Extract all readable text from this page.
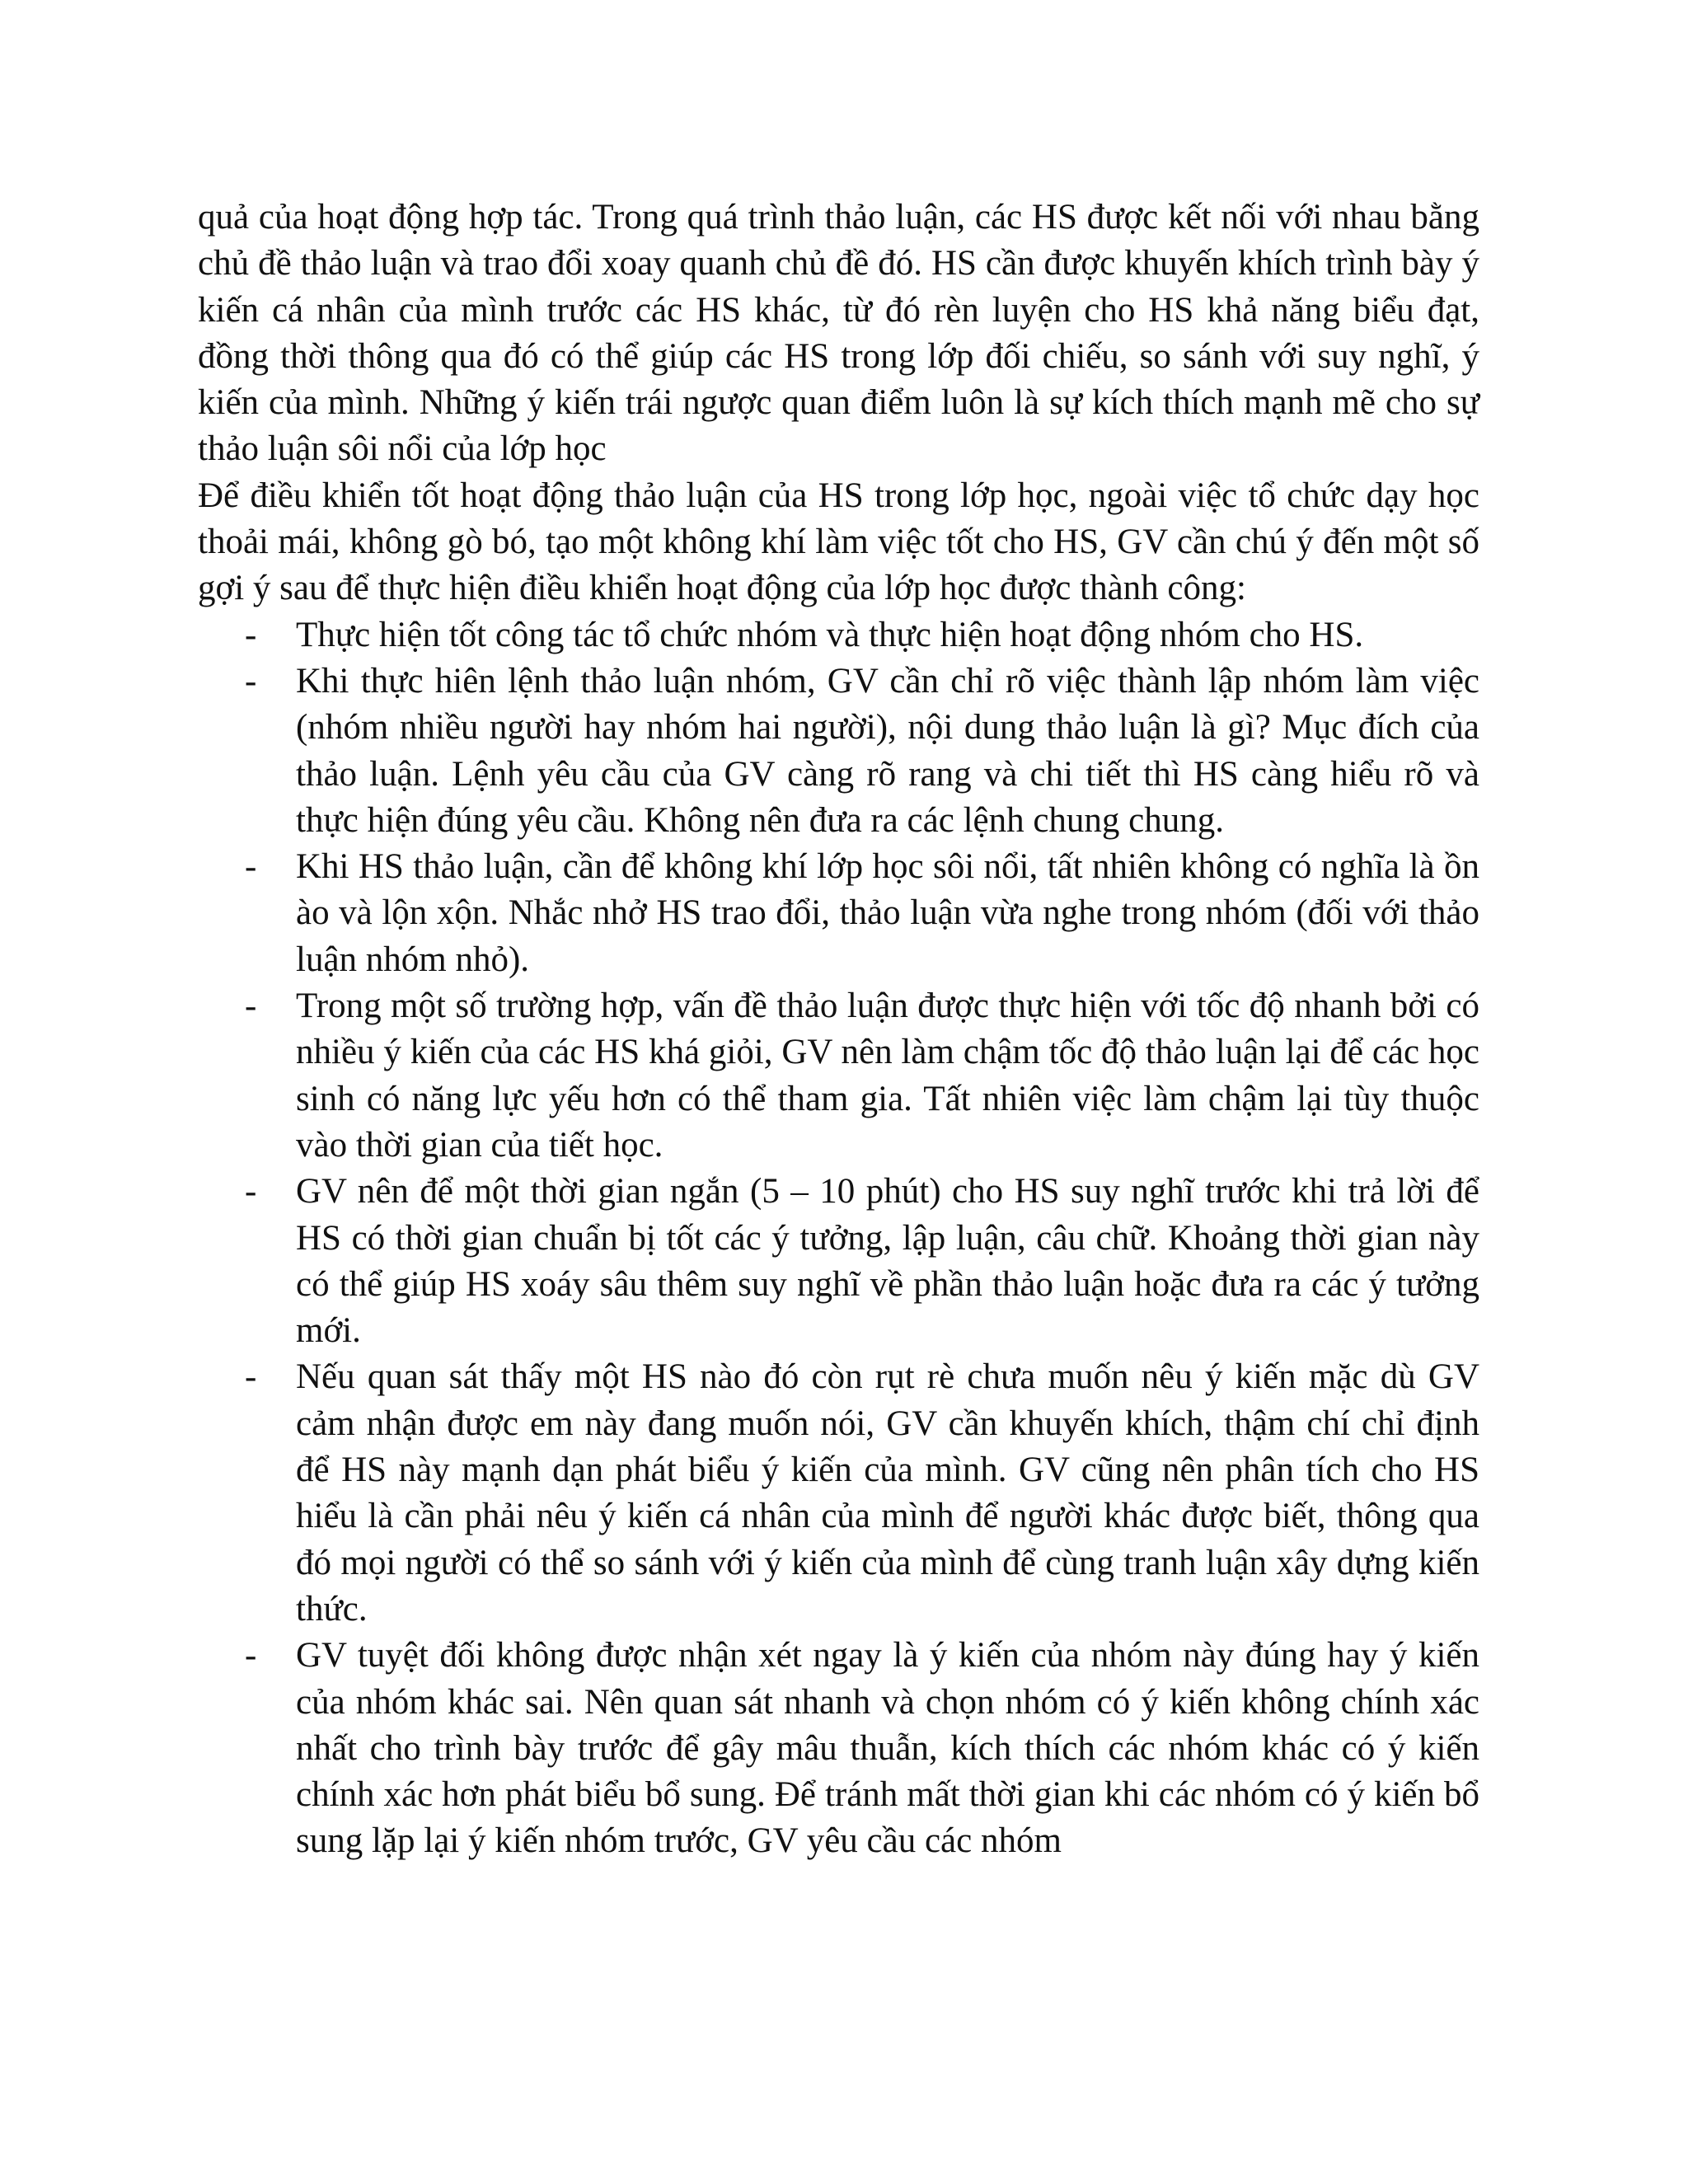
quả của hoạt động hợp tác. Trong quá trình thảo luận, các HS được kết nối với nhau bằng chủ đề thảo luận và trao đổi xoay quanh chủ đề đó. HS cần được khuyến khích trình bày ý kiến cá nhân của mình trước các HS khác, từ đó rèn luyện cho HS khả năng biểu đạt, đồng thời thông qua đó có thể giúp các HS trong lớp đối chiếu, so sánh với suy nghĩ, ý kiến của mình. Những ý kiến trái ngược quan điểm luôn là sự kích thích mạnh mẽ cho sự thảo luận sôi nổi của lớp học

Để điều khiển tốt hoạt động thảo luận của HS trong lớp học, ngoài việc tổ chức dạy học thoải mái, không gò bó, tạo một không khí làm việc tốt cho HS, GV cần chú ý đến một số gợi ý sau để thực hiện điều khiển hoạt động của lớp học được thành công:

- Thực hiện tốt công tác tổ chức nhóm và thực hiện hoạt động nhóm cho HS.
- Khi thực hiên lệnh thảo luận nhóm, GV cần chỉ rõ việc thành lập nhóm làm việc (nhóm nhiều người hay nhóm hai người), nội dung thảo luận là gì? Mục đích của thảo luận. Lệnh yêu cầu của GV càng rõ rang và chi tiết thì HS càng hiểu rõ và thực hiện đúng yêu cầu. Không nên đưa ra các lệnh chung chung.
- Khi HS thảo luận, cần để không khí lớp học sôi nổi, tất nhiên không có nghĩa là ồn ào và lộn xộn. Nhắc nhở HS trao đổi, thảo luận vừa nghe trong nhóm (đối với thảo luận nhóm nhỏ).
- Trong một số trường hợp, vấn đề thảo luận được thực hiện với tốc độ nhanh bởi có nhiều ý kiến của các HS khá giỏi, GV nên làm chậm tốc độ thảo luận lại để các học sinh có năng lực yếu hơn có thể tham gia. Tất nhiên việc làm chậm lại tùy thuộc vào thời gian của tiết học.
- GV nên để một thời gian ngắn (5 – 10 phút) cho HS suy nghĩ trước khi trả lời để HS có thời gian chuẩn bị tốt các ý tưởng, lập luận, câu chữ. Khoảng thời gian này có thể giúp HS xoáy sâu thêm suy nghĩ về phần thảo luận hoặc đưa ra các ý tưởng mới.
- Nếu quan sát thấy một HS nào đó còn rụt rè chưa muốn nêu ý kiến mặc dù GV cảm nhận được em này đang muốn nói, GV cần khuyến khích, thậm chí chỉ định để HS này mạnh dạn phát biểu ý kiến của mình. GV cũng nên phân tích cho HS hiểu là cần phải nêu ý kiến cá nhân của mình để người khác được biết, thông qua đó mọi người có thể so sánh với ý kiến của mình để cùng tranh luận xây dựng kiến thức.
- GV tuyệt đối không được nhận xét ngay là ý kiến của nhóm này đúng hay ý kiến của nhóm khác sai. Nên quan sát nhanh và chọn nhóm có ý kiến không chính xác nhất cho trình bày trước để gây mâu thuẫn, kích thích các nhóm khác có ý kiến chính xác hơn phát biểu bổ sung. Để tránh mất thời gian khi các nhóm có ý kiến bổ sung lặp lại ý kiến nhóm trước, GV yêu cầu các nhóm
